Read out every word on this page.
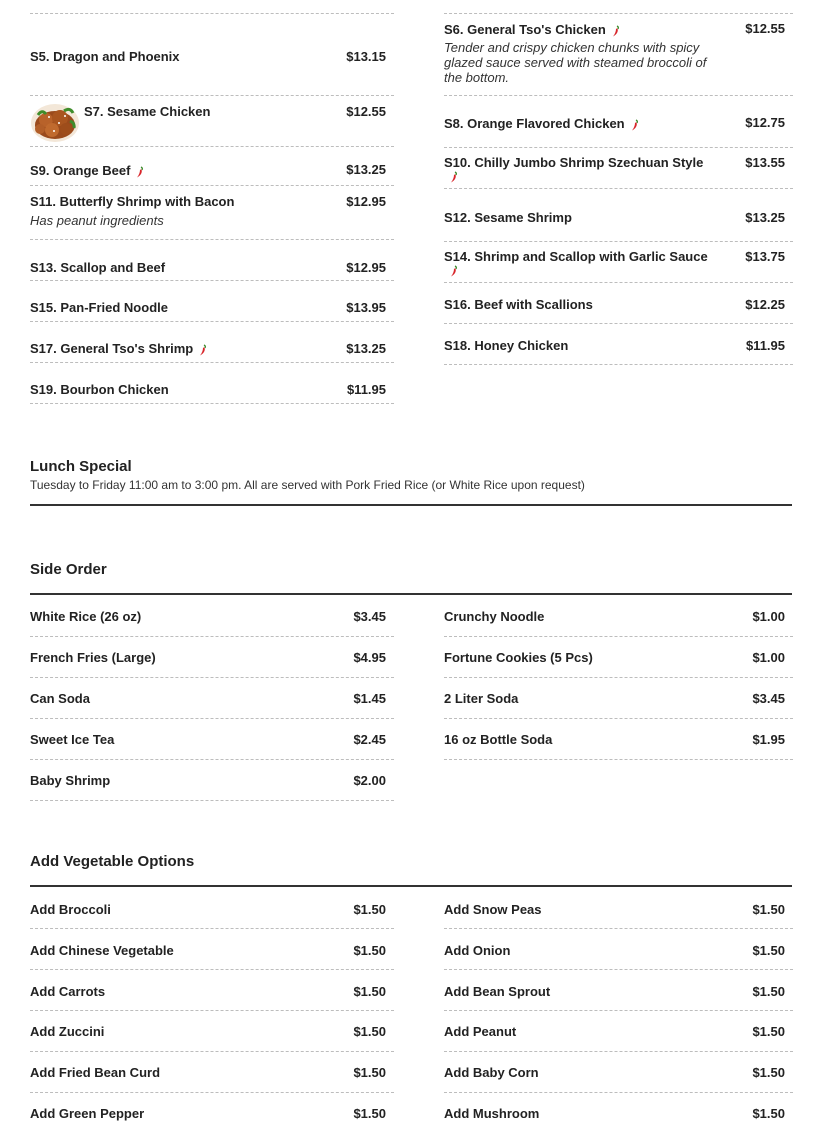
S5. Dragon and Phoenix	$13.15
S7. Sesame Chicken	$12.55
S9. Orange Beef	$13.25
S11. Butterfly Shrimp with Bacon	$12.95
Has peanut ingredients
S13. Scallop and Beef	$12.95
S15. Pan-Fried Noodle	$13.95
S17. General Tso's Shrimp	$13.25
S19. Bourbon Chicken	$11.95
S6. General Tso's Chicken	$12.55
Tender and crispy chicken chunks with spicy glazed sauce served with steamed broccoli of the bottom.
S8. Orange Flavored Chicken	$12.75
S10. Chilly Jumbo Shrimp Szechuan Style	$13.55
S12. Sesame Shrimp	$13.25
S14. Shrimp and Scallop with Garlic Sauce	$13.75
S16. Beef with Scallions	$12.25
S18. Honey Chicken	$11.95
Lunch Special
Tuesday to Friday 11:00 am to 3:00 pm. All are served with Pork Fried Rice (or White Rice upon request)
Side Order
White Rice (26 oz)	$3.45
French Fries (Large)	$4.95
Can Soda	$1.45
Sweet Ice Tea	$2.45
Baby Shrimp	$2.00
Crunchy Noodle	$1.00
Fortune Cookies (5 Pcs)	$1.00
2 Liter Soda	$3.45
16 oz Bottle Soda	$1.95
Add Vegetable Options
Add Broccoli	$1.50
Add Chinese Vegetable	$1.50
Add Carrots	$1.50
Add Zuccini	$1.50
Add Fried Bean Curd	$1.50
Add Green Pepper	$1.50
Add Snow Peas	$1.50
Add Onion	$1.50
Add Bean Sprout	$1.50
Add Peanut	$1.50
Add Baby Corn	$1.50
Add Mushroom	$1.50
